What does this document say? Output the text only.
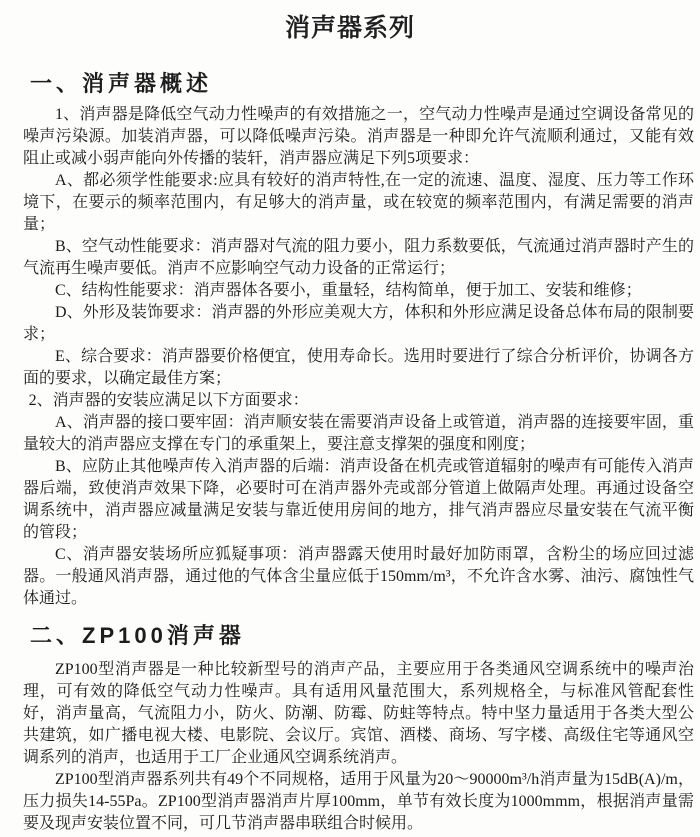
消声器系列
一、消声器概述

1、消声器是降低空气动力性噪声的有效措施之一，空气动力性噪声是通过空调设备常见的噪声污染源。加装消声器，可以降低噪声污染。消声器是一种即允许气流顺利通过，又能有效阻止或减小弱声能向外传播的装轩，消声器应满足下列5项要求：

A、都必须学性能要求:应具有较好的消声特性,在一定的流速、温度、湿度、压力等工作环境下，在要示的频率范围内，有足够大的消声量，或在较宽的频率范围内，有满足需要的消声量；

B、空气动性能要求：消声器对气流的阻力要小，阻力系数要低，气流通过消声器时产生的气流再生噪声要低。消声不应影响空气动力设备的正常运行；

C、结构性能要求：消声器体各要小，重量轻，结构简单，便于加工、安装和维修；

D、外形及装饰要求：消声器的外形应美观大方，体积和外形应满足设备总体布局的限制要求；

E、综合要求：消声器要价格便宜，使用寿命长。选用时要进行了综合分析评价，协调各方面的要求，以确定最佳方案；

2、消声器的安装应满足以下方面要求：

A、消声器的接口要牢固：消声顺安装在需要消声设备上或管道，消声器的连接要牢固，重量较大的消声器应支撑在专门的承重架上，要注意支撑架的强度和刚度；

B、应防止其他噪声传入消声器的后端：消声设备在机壳或管道辐射的噪声有可能传入消声器后端，致使消声效果下降，必要时可在消声器外壳或部分管道上做隔声处理。再通过设备空调系统中，消声器应减量满足安装与靠近使用房间的地方，排气消声器应尽量安装在气流平衡的管段；

C、消声器安装场所应狐疑事项：消声器露天使用时最好加防雨罩，含粉尘的场应回过滤器。一般通风消声器，通过他的气体含尘量应低于150mm/m³，不允许含水雾、油污、腐蚀性气体通过。

二、ZP100消声器

ZP100型消声器是一种比较新型号的消声产品，主要应用于各类通风空调系统中的噪声治理，可有效的降低空气动力性噪声。具有适用风量范围大，系列规格全，与标准风管配套性好，消声量高，气流阻力小，防火、防潮、防霉、防蛀等特点。特中坚力量适用于各类大型公共建筑，如广播电视大楼、电影院、会议厅。宾馆、酒楼、商场、写字楼、高级住宅等通风空调系列的消声，也适用于工厂企业通风空调系统消声。

ZP100型消声器系列共有49个不同规格，适用于风量为20～90000m³/h消声量为15dB(A)/m，压力损失14-55Pa。ZP100型消声器消声片厚100mm，单节有效长度为1000mmm，根据消声量需要及现声安装位置不同，可几节消声器串联组合时候用。
